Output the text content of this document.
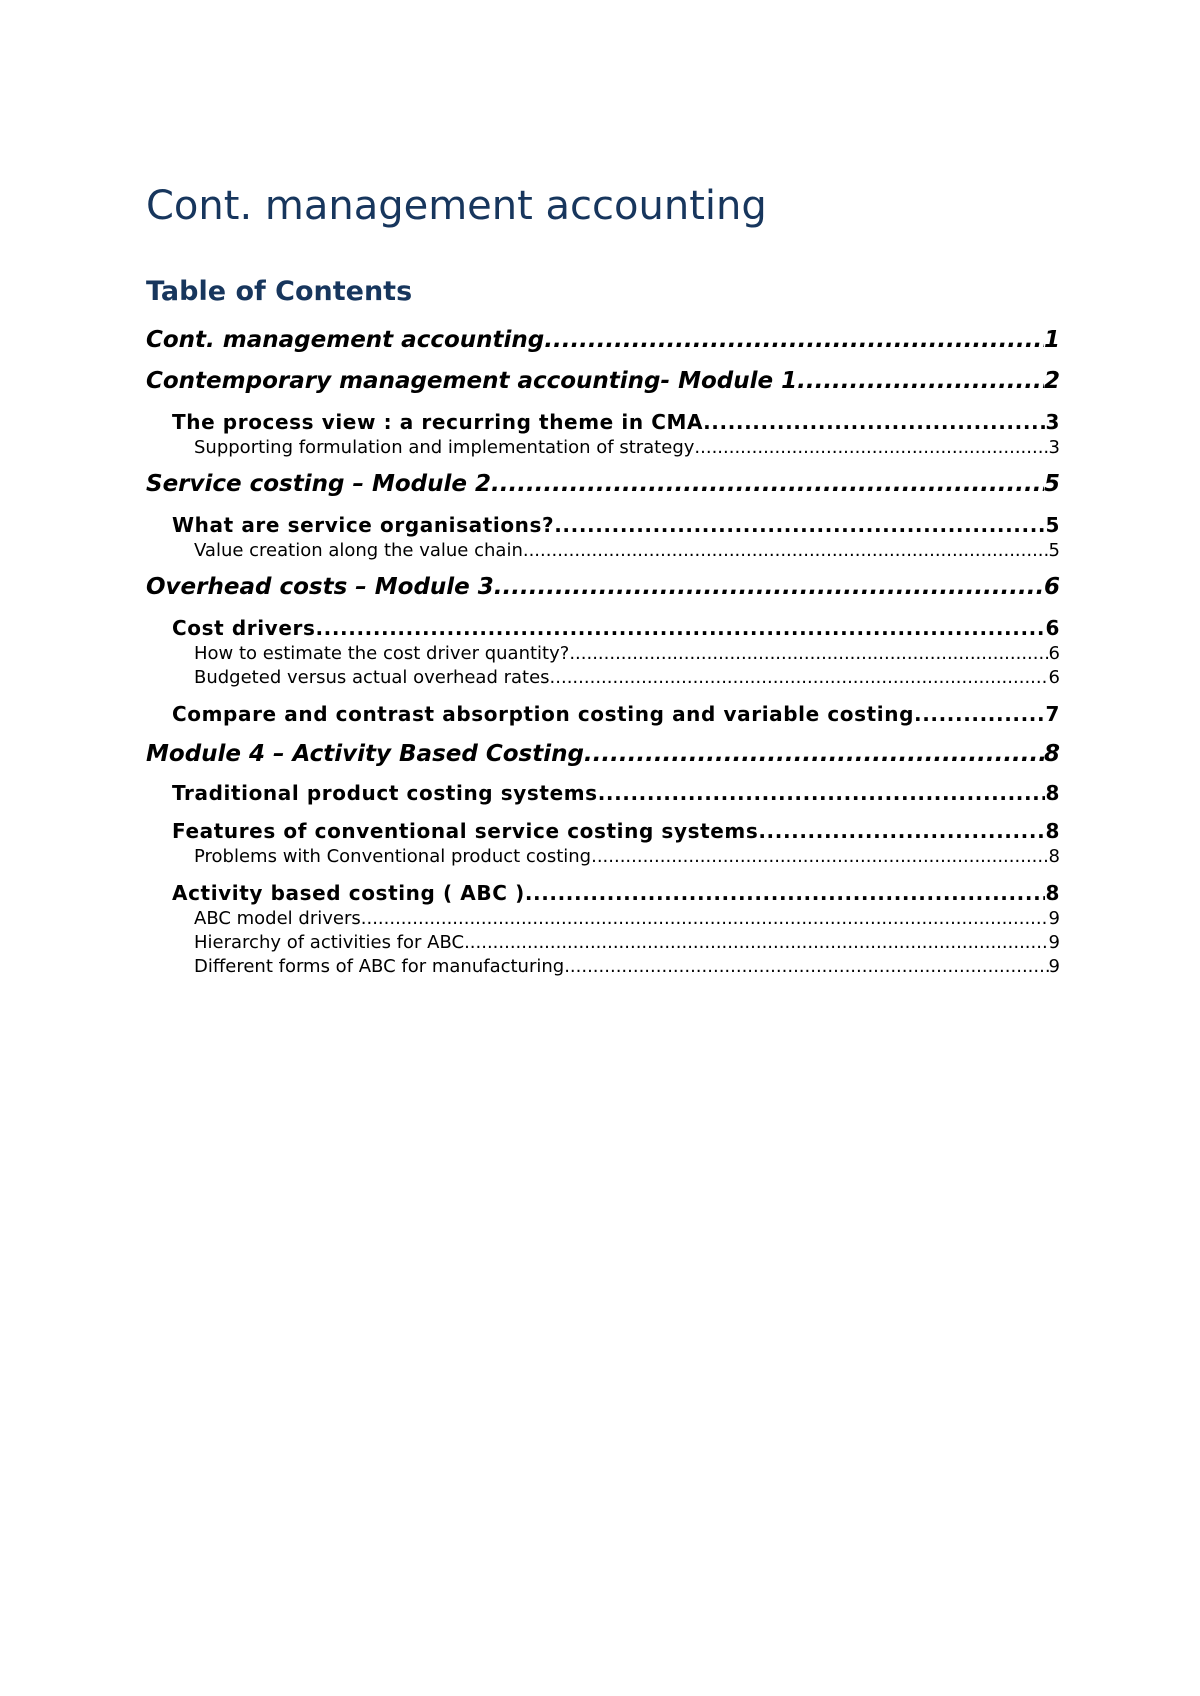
Cont. management accounting
Table of Contents
Cont. management accounting .....	1
Contemporary management accounting- Module 1 .....	2
The process view : a recurring theme in CMA .....	3
Supporting formulation and implementation of strategy .....	3
Service costing – Module 2 .....	5
What are service organisations? .....	5
Value creation along the value chain .....	5
Overhead costs – Module 3 .....	6
Cost drivers .....	6
How to estimate the cost driver quantity? .....	6
Budgeted versus actual overhead rates .....	6
Compare and contrast absorption costing and variable costing .....	7
Module 4 – Activity Based Costing .....	8
Traditional product costing systems .....	8
Features of conventional service costing systems .....	8
Problems with Conventional product costing .....	8
Activity based costing ( ABC ) .....	8
ABC model drivers .....	9
Hierarchy of activities for ABC .....	9
Different forms of ABC for manufacturing .....	9
